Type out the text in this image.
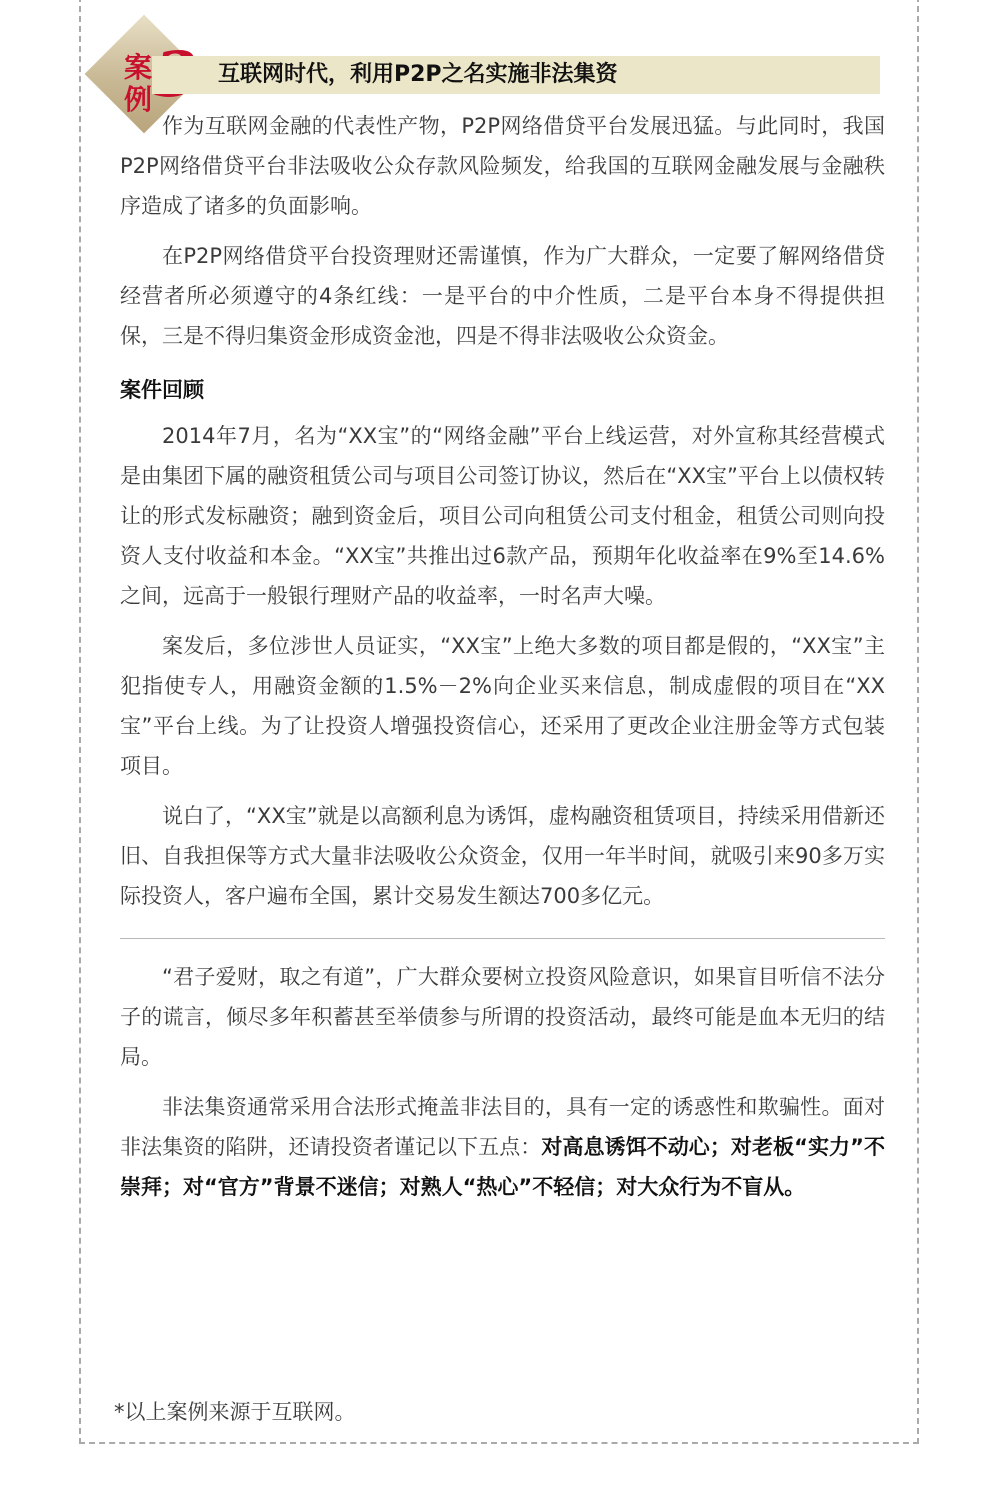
案例
互联网时代，利用P2P之名实施非法集资

作为互联网金融的代表性产物，P2P网络借贷平台发展迅猛。与此同时，我国P2P网络借贷平台非法吸收公众存款风险频发，给我国的互联网金融发展与金融秩序造成了诸多的负面影响。

在P2P网络借贷平台投资理财还需谨慎，作为广大群众，一定要了解网络借贷经营者所必须遵守的4条红线：一是平台的中介性质，二是平台本身不得提供担保，三是不得归集资金形成资金池，四是不得非法吸收公众资金。

案件回顾

2014年7月，名为“XX宝”的“网络金融”平台上线运营，对外宣称其经营模式是由集团下属的融资租赁公司与项目公司签订协议，然后在“XX宝”平台上以债权转让的形式发标融资；融到资金后，项目公司向租赁公司支付租金，租赁公司则向投资人支付收益和本金。“XX宝”共推出过6款产品，预期年化收益率在9%至14.6%之间，远高于一般银行理财产品的收益率，一时名声大噪。

案发后，多位涉世人员证实，“XX宝”上绝大多数的项目都是假的，“XX宝”主犯指使专人，用融资金额的1.5%－2%向企业买来信息，制成虚假的项目在“XX宝”平台上线。为了让投资人增强投资信心，还采用了更改企业注册金等方式包装项目。

说白了，“XX宝”就是以高额利息为诱饵，虚构融资租赁项目，持续采用借新还旧、自我担保等方式大量非法吸收公众资金，仅用一年半时间，就吸引来90多万实际投资人，客户遍布全国，累计交易发生额达700多亿元。

“君子爱财，取之有道”，广大群众要树立投资风险意识，如果盲目听信不法分子的谎言，倾尽多年积蓄甚至举债参与所谓的投资活动，最终可能是血本无归的结局。

非法集资通常采用合法形式掩盖非法目的，具有一定的诱惑性和欺骗性。面对非法集资的陷阱，还请投资者谨记以下五点：对高息诱饵不动心；对老板“实力”不崇拜；对“官方”背景不迷信；对熟人“热心”不轻信；对大众行为不盲从。

*以上案例来源于互联网。
